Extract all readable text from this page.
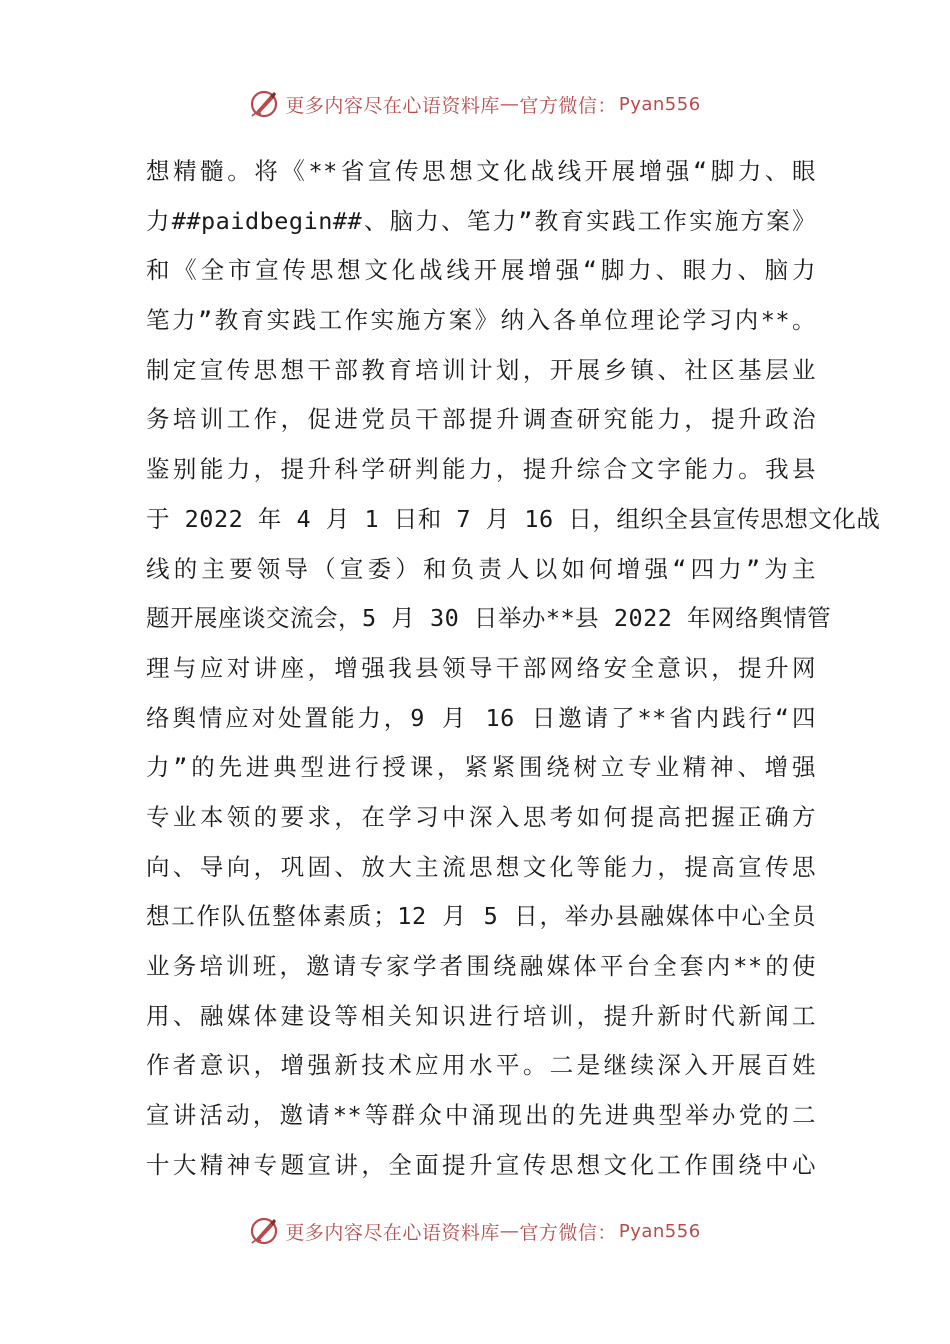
更多内容尽在心语资料库 — 官方微信： Pyan556
想精髓。将《**省宣传思想文化战线开展增强“脚力、眼
力##paidbegin##、脑力、笔力”教育实践工作实施方案》
和《全市宣传思想文化战线开展增强“脚力、眼力、脑力
笔力”教育实践工作实施方案》纳入各单位理论学习内**。
制定宣传思想干部教育培训计划，开展乡镇、社区基层业
务培训工作，促进党员干部提升调查研究能力，提升政治
鉴别能力，提升科学研判能力，提升综合文字能力。我县
于 2022 年 4 月 1 日和 7 月 16 日，组织全县宣传思想文化战
线的主要领导（宣委）和负责人以如何增强“四力”为主
题开展座谈交流会，5 月 30 日举办**县 2022 年网络舆情管
理与应对讲座，增强我县领导干部网络安全意识，提升网
络舆情应对处置能力，9 月 16 日邀请了**省内践行“四
力”的先进典型进行授课，紧紧围绕树立专业精神、增强
专业本领的要求，在学习中深入思考如何提高把握正确方
向、导向，巩固、放大主流思想文化等能力，提高宣传思
想工作队伍整体素质；12 月 5 日，举办县融媒体中心全员
业务培训班，邀请专家学者围绕融媒体平台全套内**的使
用、融媒体建设等相关知识进行培训，提升新时代新闻工
作者意识，增强新技术应用水平。二是继续深入开展百姓
宣讲活动，邀请**等群众中涌现出的先进典型举办党的二
十大精神专题宣讲，全面提升宣传思想文化工作围绕中心
更多内容尽在心语资料库 — 官方微信： Pyan556
